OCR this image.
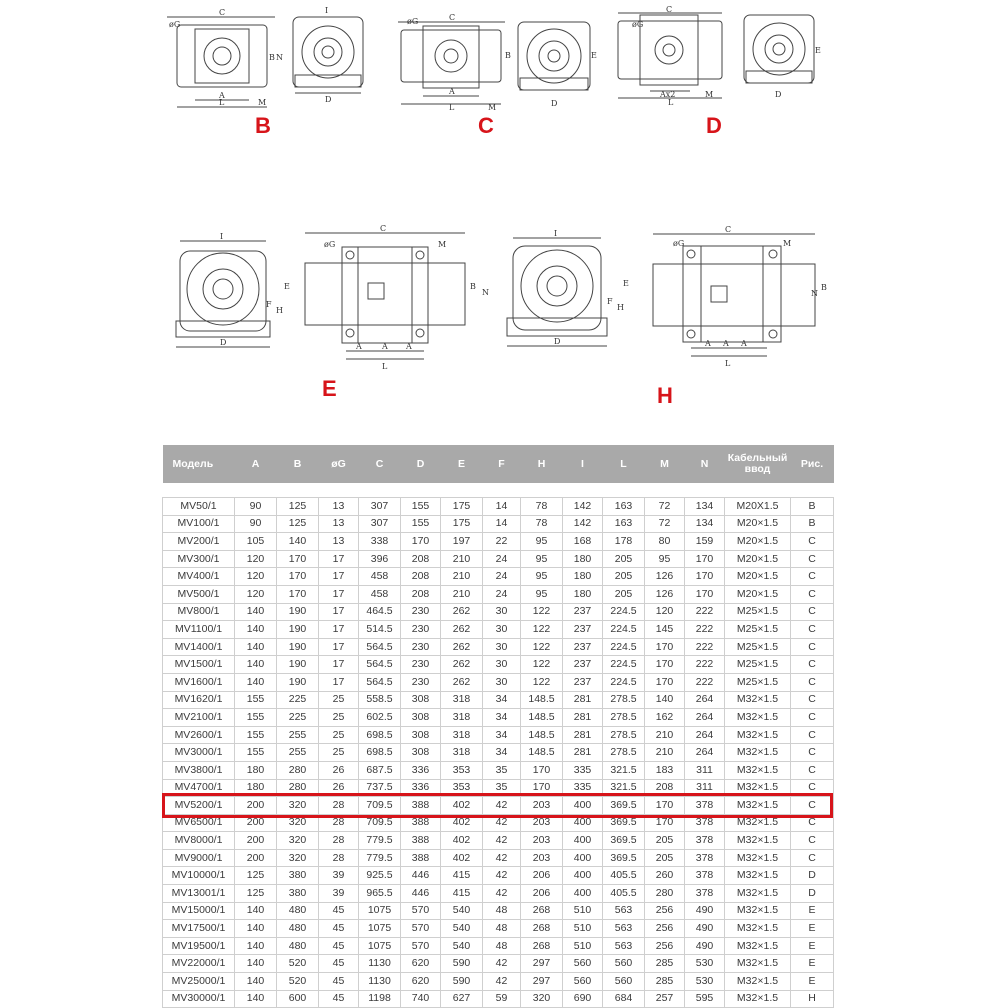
C
øG
A
L	M
B N
I
D
C
øG
A
L	M
B	E
D
C
øG
Ax2
L
M
E
D
B	C	D
I
E
F
H
D
C
øG	M
B
N
A	A A
L
I
E
F
H
D
C
øG	M
B
N
A A A
L
E	H
Модель	A	B	øG	C	D	E	F	H	I	L	M	N	Кабельный ввод	Рис.

MV50/1	90	125	13	307	155	175	14	78	142	163	72	134	M20X1.5	B
MV100/1	90	125	13	307	155	175	14	78	142	163	72	134	M20×1.5	B
MV200/1	105	140	13	338	170	197	22	95	168	178	80	159	M20×1.5	C
MV300/1	120	170	17	396	208	210	24	95	180	205	95	170	M20×1.5	C
MV400/1	120	170	17	458	208	210	24	95	180	205	126	170	M20×1.5	C
MV500/1	120	170	17	458	208	210	24	95	180	205	126	170	M20×1.5	C
MV800/1	140	190	17	464.5	230	262	30	122	237	224.5	120	222	M25×1.5	C
MV1100/1	140	190	17	514.5	230	262	30	122	237	224.5	145	222	M25×1.5	C
MV1400/1	140	190	17	564.5	230	262	30	122	237	224.5	170	222	M25×1.5	C
MV1500/1	140	190	17	564.5	230	262	30	122	237	224.5	170	222	M25×1.5	C
MV1600/1	140	190	17	564.5	230	262	30	122	237	224.5	170	222	M25×1.5	C
MV1620/1	155	225	25	558.5	308	318	34	148.5	281	278.5	140	264	M32×1.5	C
MV2100/1	155	225	25	602.5	308	318	34	148.5	281	278.5	162	264	M32×1.5	C
MV2600/1	155	255	25	698.5	308	318	34	148.5	281	278.5	210	264	M32×1.5	C
MV3000/1	155	255	25	698.5	308	318	34	148.5	281	278.5	210	264	M32×1.5	C
MV3800/1	180	280	26	687.5	336	353	35	170	335	321.5	183	311	M32×1.5	C
MV4700/1	180	280	26	737.5	336	353	35	170	335	321.5	208	311	M32×1.5	C
MV5200/1	200	320	28	709.5	388	402	42	203	400	369.5	170	378	M32×1.5	C
MV6500/1	200	320	28	709.5	388	402	42	203	400	369.5	170	378	M32×1.5	C
MV8000/1	200	320	28	779.5	388	402	42	203	400	369.5	205	378	M32×1.5	C
MV9000/1	200	320	28	779.5	388	402	42	203	400	369.5	205	378	M32×1.5	C
MV10000/1	125	380	39	925.5	446	415	42	206	400	405.5	260	378	M32×1.5	D
MV13001/1	125	380	39	965.5	446	415	42	206	400	405.5	280	378	M32×1.5	D
MV15000/1	140	480	45	1075	570	540	48	268	510	563	256	490	M32×1.5	E
MV17500/1	140	480	45	1075	570	540	48	268	510	563	256	490	M32×1.5	E
MV19500/1	140	480	45	1075	570	540	48	268	510	563	256	490	M32×1.5	E
MV22000/1	140	520	45	1130	620	590	42	297	560	560	285	530	M32×1.5	E
MV25000/1	140	520	45	1130	620	590	42	297	560	560	285	530	M32×1.5	E
MV30000/1	140	600	45	1198	740	627	59	320	690	684	257	595	M32×1.5	H
